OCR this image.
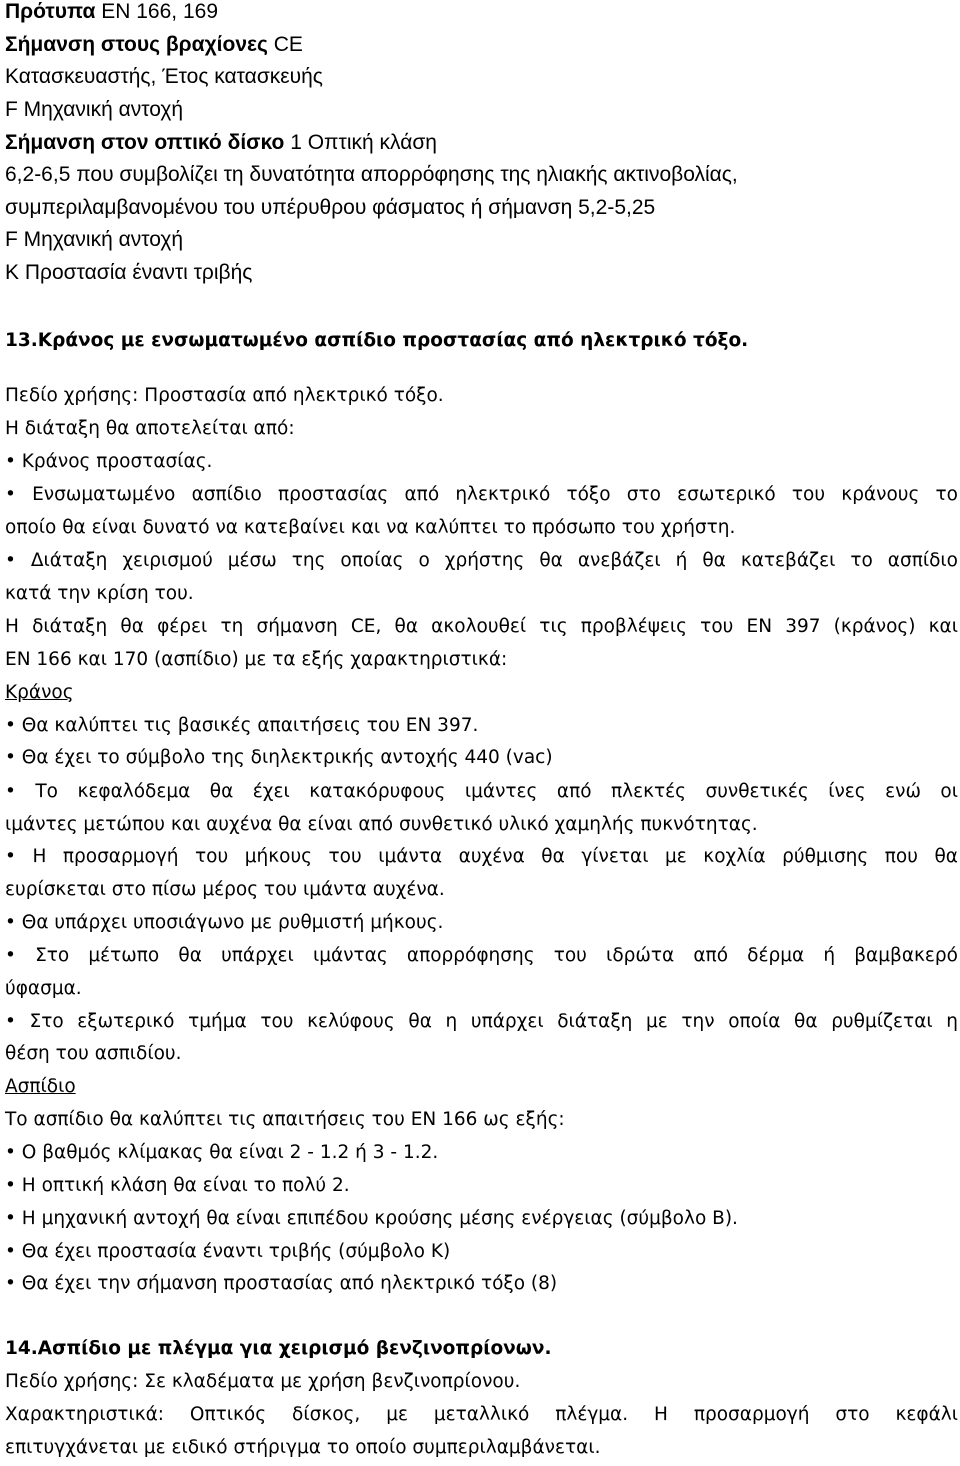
Πρότυπα EN 166, 169
Σήμανση στους βραχίονες CE
Κατασκευαστής, Έτος κατασκευής
F Μηχανική αντοχή
Σήμανση στον οπτικό δίσκο 1 Οπτική κλάση
6,2-6,5 που συμβολίζει τη δυνατότητα απορρόφησης της ηλιακής ακτινοβολίας,
συμπεριλαμβανομένου του υπέρυθρου φάσματος ή σήμανση 5,2-5,25
F Μηχανική αντοχή
K Προστασία έναντι τριβής
13.Κράνος με ενσωματωμένο ασπίδιο προστασίας από ηλεκτρικό τόξο.
Πεδίο χρήσης: Προστασία από ηλεκτρικό τόξο.
Η διάταξη θα αποτελείται από:
• Κράνος προστασίας.
• Ενσωματωμένο ασπίδιο προστασίας από ηλεκτρικό τόξο στο εσωτερικό του κράνους το
οποίο θα είναι δυνατό να κατεβαίνει και να καλύπτει το πρόσωπο του χρήστη.
• Διάταξη χειρισμού μέσω της οποίας ο χρήστης θα ανεβάζει ή θα κατεβάζει το ασπίδιο
κατά την κρίση του.
Η διάταξη θα φέρει τη σήμανση CE, θα ακολουθεί τις προβλέψεις του EN 397 (κράνος) και
EN 166 και 170 (ασπίδιο) με τα εξής χαρακτηριστικά:
Κράνος
• Θα καλύπτει τις βασικές απαιτήσεις του EN 397.
• Θα έχει το σύμβολο της διηλεκτρικής αντοχής 440 (vac)
• Το κεφαλόδεμα θα έχει κατακόρυφους ιμάντες από πλεκτές συνθετικές ίνες ενώ οι
ιμάντες μετώπου και αυχένα θα είναι από συνθετικό υλικό χαμηλής πυκνότητας.
• Η προσαρμογή του μήκους του ιμάντα αυχένα θα γίνεται με κοχλία ρύθμισης που θα
ευρίσκεται στο πίσω μέρος του ιμάντα αυχένα.
• Θα υπάρχει υποσιάγωνο με ρυθμιστή μήκους.
• Στο μέτωπο θα υπάρχει ιμάντας απορρόφησης του ιδρώτα από δέρμα ή βαμβακερό
ύφασμα.
• Στο εξωτερικό τμήμα του κελύφους θα η υπάρχει διάταξη με την οποία θα ρυθμίζεται η
θέση του ασπιδίου.
Ασπίδιο
Το ασπίδιο θα καλύπτει τις απαιτήσεις του EN 166 ως εξής:
• Ο βαθμός κλίμακας θα είναι 2 - 1.2 ή 3 - 1.2.
• Η οπτική κλάση θα είναι το πολύ 2.
• Η μηχανική αντοχή θα είναι επιπέδου κρούσης μέσης ενέργειας (σύμβολο B).
• Θα έχει προστασία έναντι τριβής (σύμβολο K)
• Θα έχει την σήμανση προστασίας από ηλεκτρικό τόξο (8)
14.Ασπίδιο με πλέγμα για χειρισμό βενζινοπρίονων.
Πεδίο χρήσης: Σε κλαδέματα με χρήση βενζινοπρίονου.
Χαρακτηριστικά: Οπτικός δίσκος, με μεταλλικό πλέγμα. Η προσαρμογή στο κεφάλι
επιτυγχάνεται με ειδικό στήριγμα το οποίο συμπεριλαμβάνεται.
